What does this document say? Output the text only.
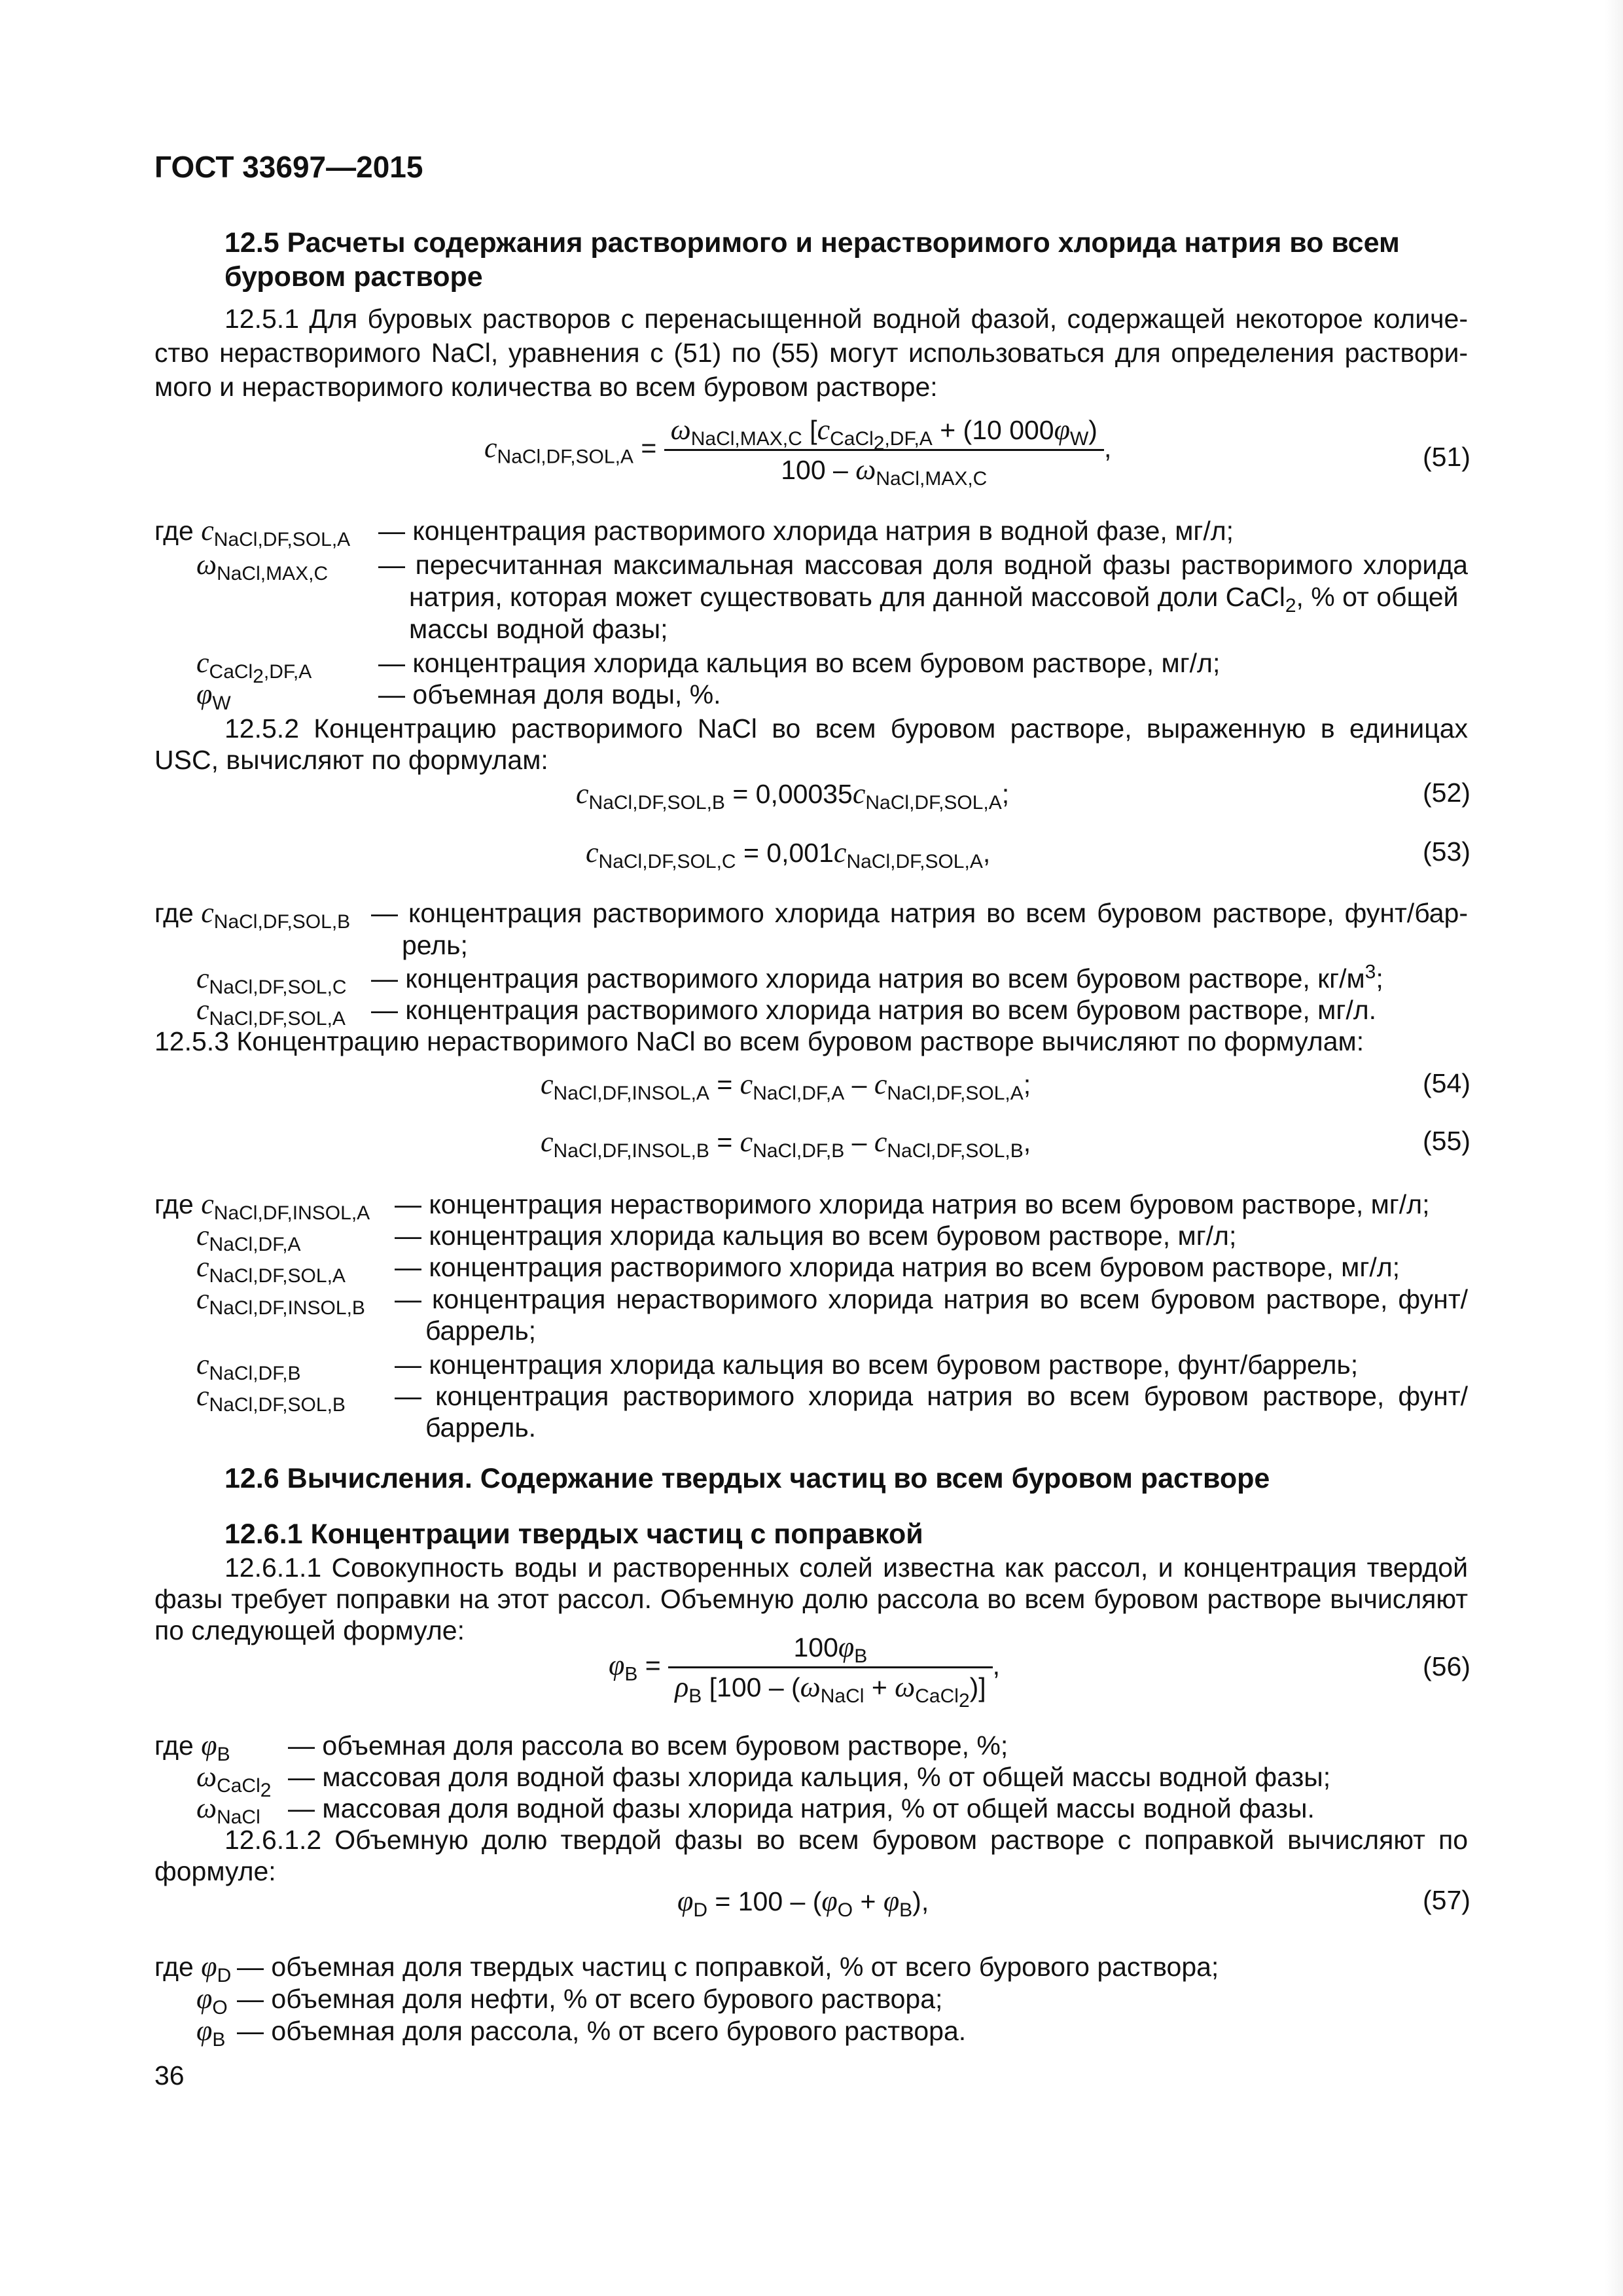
ГОСТ 33697—2015
12.5 Расчеты содержания растворимого и нерастворимого хлорида натрия во всем
буровом растворе
12.5.1 Для буровых растворов с перенасыщенной водной фазой, содержащей некоторое количе-
ство нерастворимого NaCl, уравнения с (51) по (55) могут использоваться для определения раствори-
мого и нерастворимого количества во всем буровом растворе:
$c_{NaCl,DF,SOL,A} = \frac{\omega_{NaCl,MAX,C} [c_{CaCl_2,DF,A} + (10 000\varphi_W)}{100 - \omega_{NaCl,MAX,C}}$ ,	(51)
где $c_{NaCl,DF,SOL,A}$ — концентрация растворимого хлорида натрия в водной фазе, мг/л;
$\omega_{NaCl,MAX,C}$ — пересчитанная максимальная массовая доля водной фазы растворимого хлорида
натрия, которая может существовать для данной массовой доли CaCl$_2$, % от общей
массы водной фазы;
$c_{CaCl_2,DF,A}$ — концентрация хлорида кальция во всем буровом растворе, мг/л;
$\varphi_W$	— объемная доля воды, %.
12.5.2 Концентрацию растворимого NaCl во всем буровом растворе, выраженную в единицах
USC, вычисляют по формулам:
$c_{NaCl,DF,SOL,B} = 0,00035c_{NaCl,DF,SOL,A}$;	(52)
$c_{NaCl,DF,SOL,C} = 0,001c_{NaCl,DF,SOL,A}$,	(53)
где $c_{NaCl,DF,SOL,B}$ — концентрация растворимого хлорида натрия во всем буровом растворе, фунт/бар-
рель;
$c_{NaCl,DF,SOL,C}$ — концентрация растворимого хлорида натрия во всем буровом растворе, $кг/м^3$;
$c_{NaCl,DF,SOL,A}$ — концентрация растворимого хлорида натрия во всем буровом растворе, мг/л.
12.5.3 Концентрацию нерастворимого NaCl во всем буровом растворе вычисляют по формулам:
$c_{NaCl,DF,INSOL,A} = c_{NaCl,DF,A} - c_{NaCl,DF,SOL,A}$;	(54)
$c_{NaCl,DF,INSOL,B} = c_{NaCl,DF,B} - c_{NaCl,DF,SOL,B}$,	(55)
где $c_{NaCl,DF,INSOL,A}$ — концентрация нерастворимого хлорида натрия во всем буровом растворе, мг/л;
$c_{NaCl,DF,A}$	— концентрация хлорида кальция во всем буровом растворе, мг/л;
$c_{NaCl,DF,SOL,A}$ — концентрация растворимого хлорида натрия во всем буровом растворе, мг/л;
$c_{NaCl,DF,INSOL,B}$ — концентрация нерастворимого хлорида натрия во всем буровом растворе, фунт/
баррель;
$c_{NaCl,DF,B}$	— концентрация хлорида кальция во всем буровом растворе, фунт/баррель;
$c_{NaCl,DF,SOL,B}$ — концентрация растворимого хлорида натрия во всем буровом растворе, фунт/
баррель.
12.6 Вычисления. Содержание твердых частиц во всем буровом растворе
12.6.1 Концентрации твердых частиц с поправкой
12.6.1.1 Совокупность воды и растворенных солей известна как рассол, и концентрация твердой
фазы требует поправки на этот рассол. Объемную долю рассола во всем буровом растворе вычисляют
по следующей формуле:
$\varphi_B = \frac{100\varphi_B}{\rho_B [100 - (\omega_{NaCl} + \omega_{CaCl_2})]}$ ,	(56)
где $\varphi_B$ — объемная доля рассола во всем буровом растворе, %;
$\omega_{CaCl_2}$ — массовая доля водной фазы хлорида кальция, % от общей массы водной фазы;
$\omega_{NaCl}$ — массовая доля водной фазы хлорида натрия, % от общей массы водной фазы.
12.6.1.2 Объемную долю твердой фазы во всем буровом растворе с поправкой вычисляют по
формуле:
$\varphi_D = 100 - (\varphi_O + \varphi_B)$,	(57)
где $\varphi_D$ — объемная доля твердых частиц с поправкой, % от всего бурового раствора;
$\varphi_O$ — объемная доля нефти, % от всего бурового раствора;
$\varphi_B$ — объемная доля рассола, % от всего бурового раствора.
36
